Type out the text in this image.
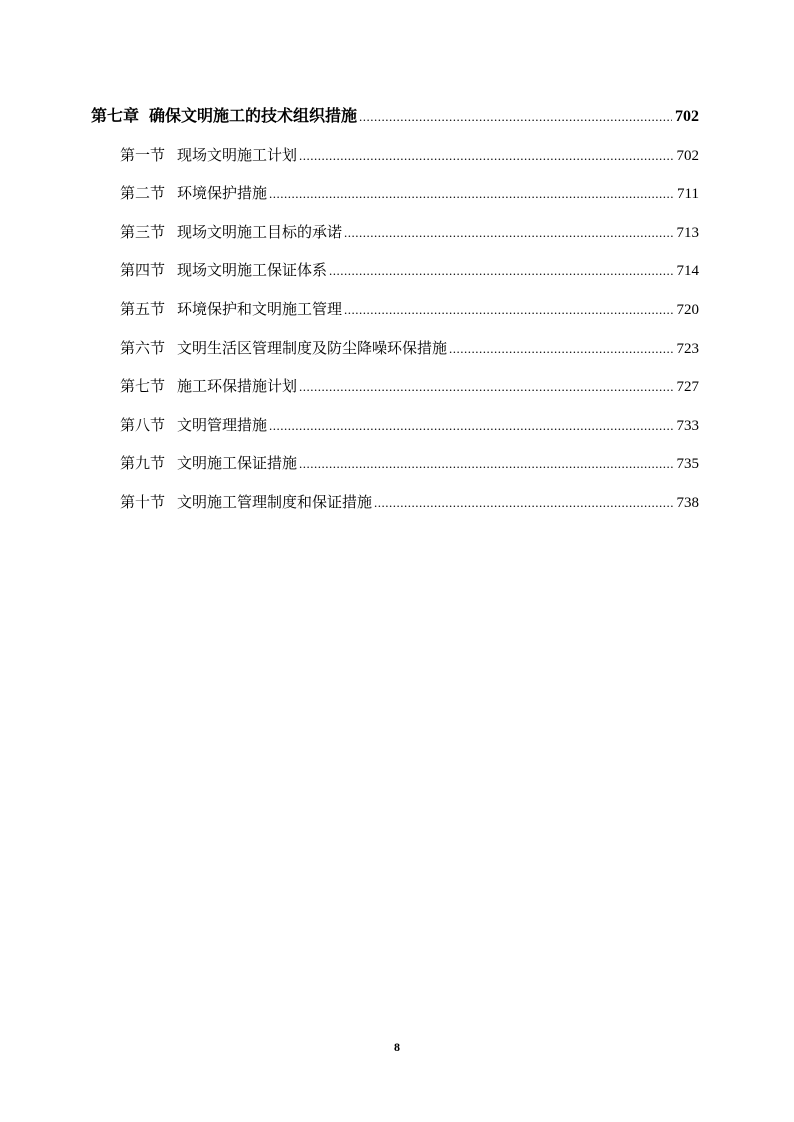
第七章 确保文明施工的技术组织措施 .....	702
第一节 现场文明施工计划 .....	702
第二节 环境保护措施 .....	711
第三节 现场文明施工目标的承诺 .....	713
第四节 现场文明施工保证体系 .....	714
第五节 环境保护和文明施工管理 .....	720
第六节 文明生活区管理制度及防尘降噪环保措施 .....	723
第七节 施工环保措施计划 .....	727
第八节 文明管理措施 .....	733
第九节 文明施工保证措施 .....	735
第十节 文明施工管理制度和保证措施 .....	738
8
